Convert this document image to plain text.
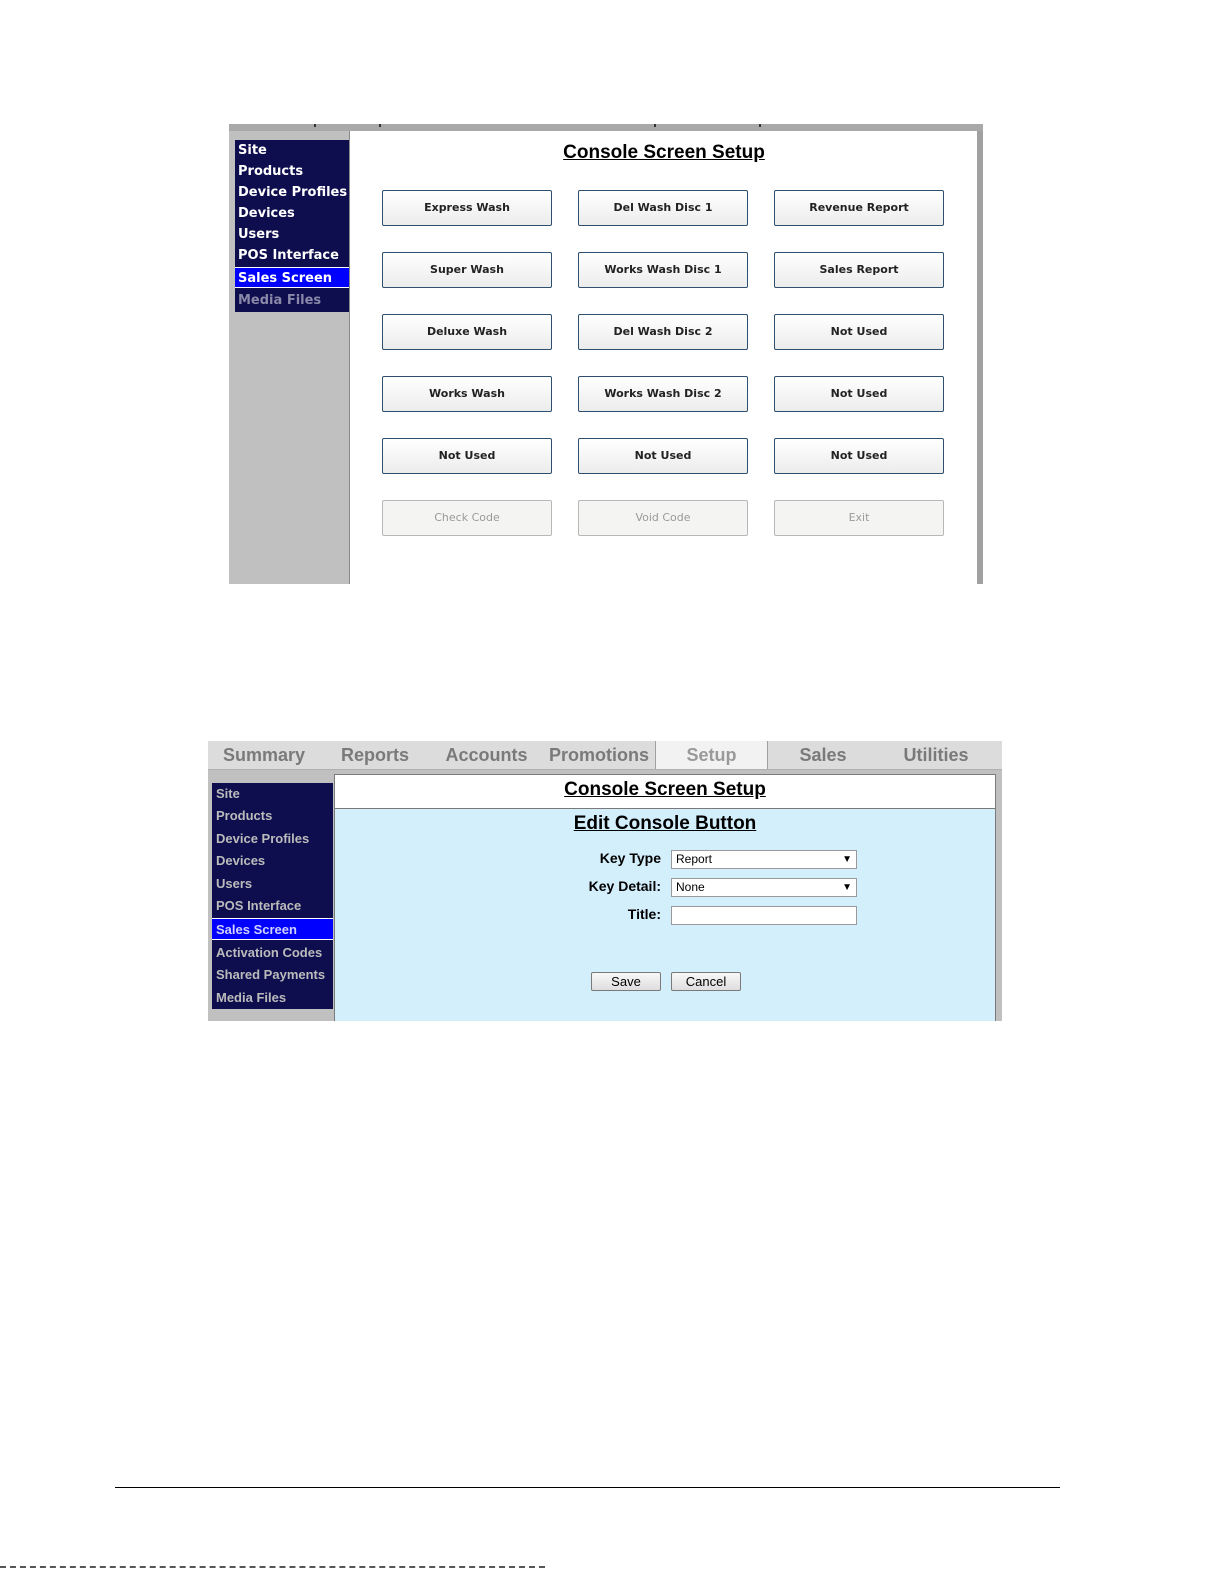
Site
Products
Device Profiles
Devices
Users
POS Interface
Sales Screen
Media Files
Console Screen Setup
Express Wash	Del Wash Disc 1	Revenue Report
Super Wash	Works Wash Disc 1	Sales Report
Deluxe Wash	Del Wash Disc 2	Not Used
Works Wash	Works Wash Disc 2	Not Used
Not Used	Not Used	Not Used
Check Code	Void Code	Exit
Summary	Reports	Accounts	Promotions	Setup	Sales	Utilities
Site
Products
Device Profiles
Devices
Users
POS Interface
Sales Screen
Activation Codes
Shared Payments
Media Files
Console Screen Setup
Edit Console Button
Key Type	Report	▼
Key Detail:	None	▼
Title:
Save	Cancel
